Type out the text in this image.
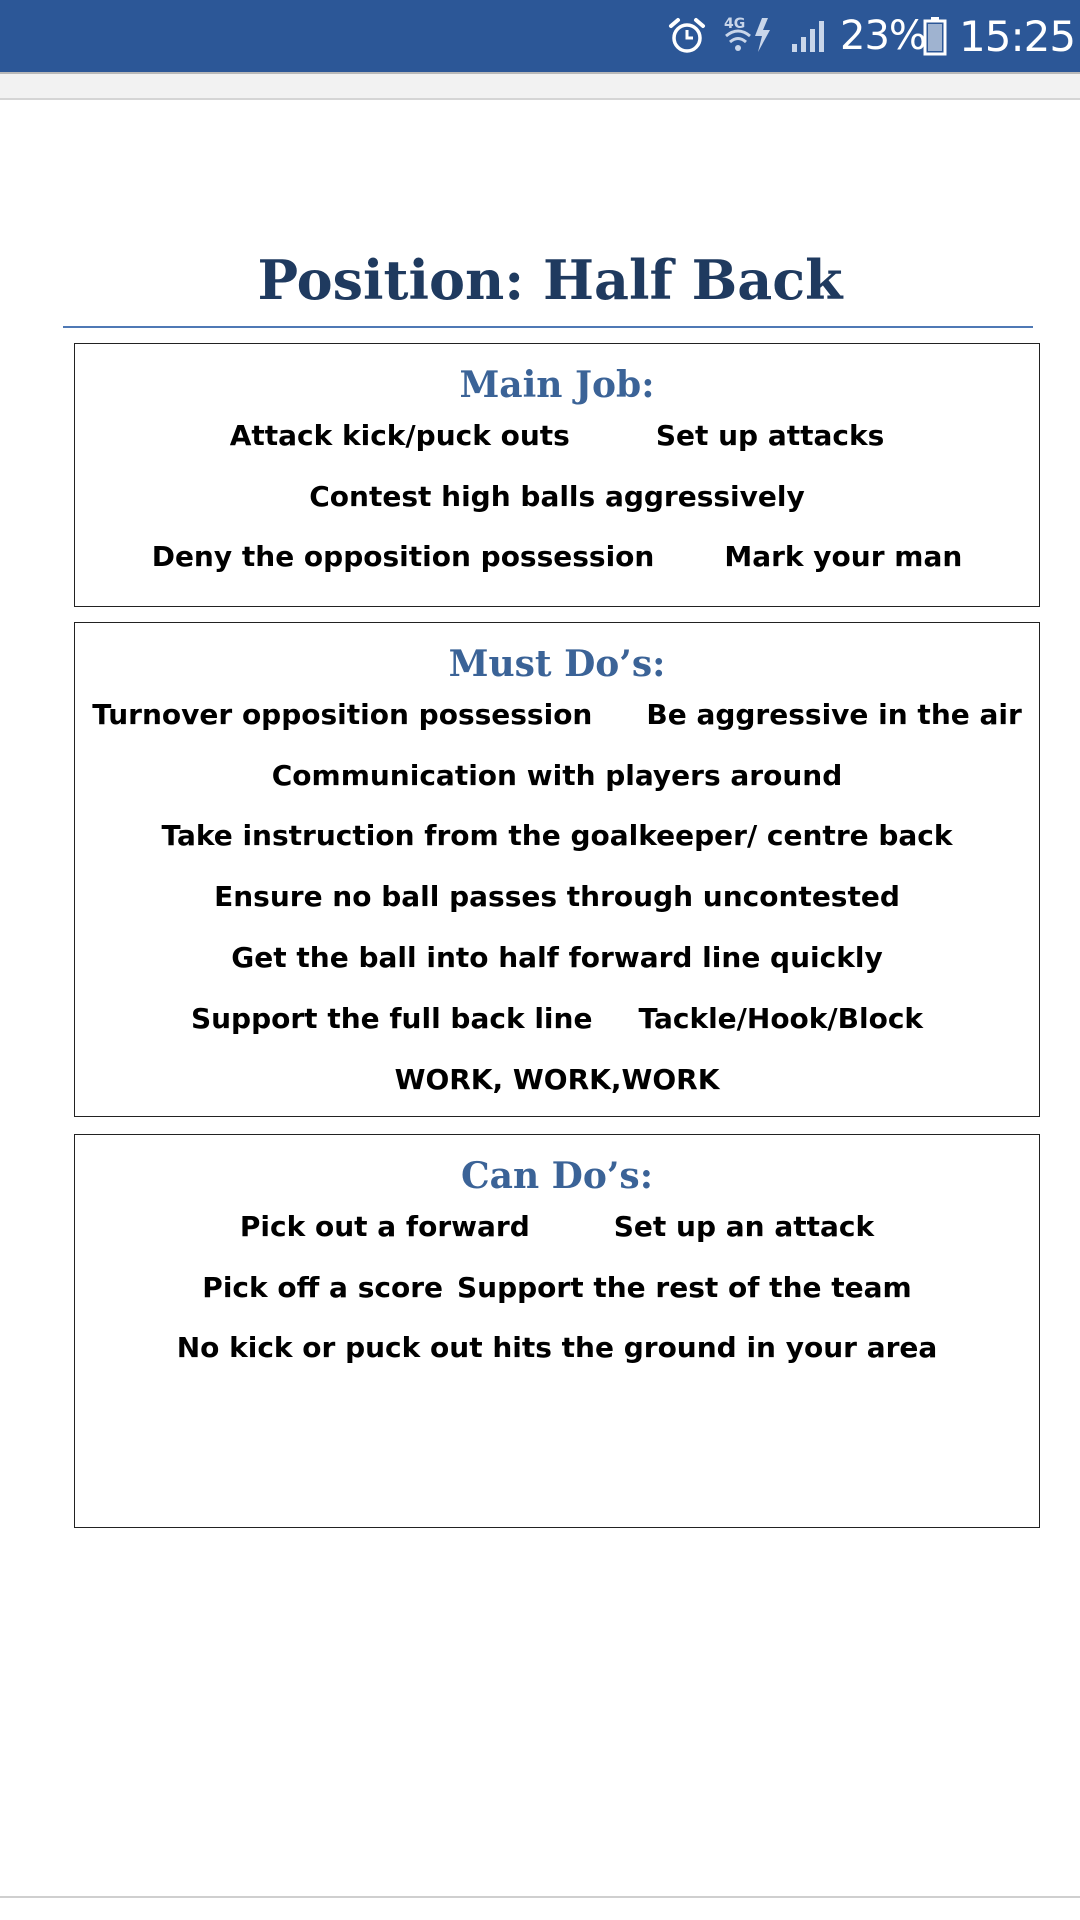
4G 23% 15:25
Position: Half Back
Main Job:
Attack kick/puck outs	Set up attacks
Contest high balls aggressively
Deny the opposition possession	Mark your man
Must Do’s:
Turnover opposition possession Be aggressive in the air
Communication with players around
Take instruction from the goalkeeper/ centre back
Ensure no ball passes through uncontested
Get the ball into half forward line quickly
Support the full back line Tackle/Hook/Block
WORK, WORK,WORK
Can Do’s:
Pick out a forward	Set up an attack
Pick off a score Support the rest of the team
No kick or puck out hits the ground in your area
